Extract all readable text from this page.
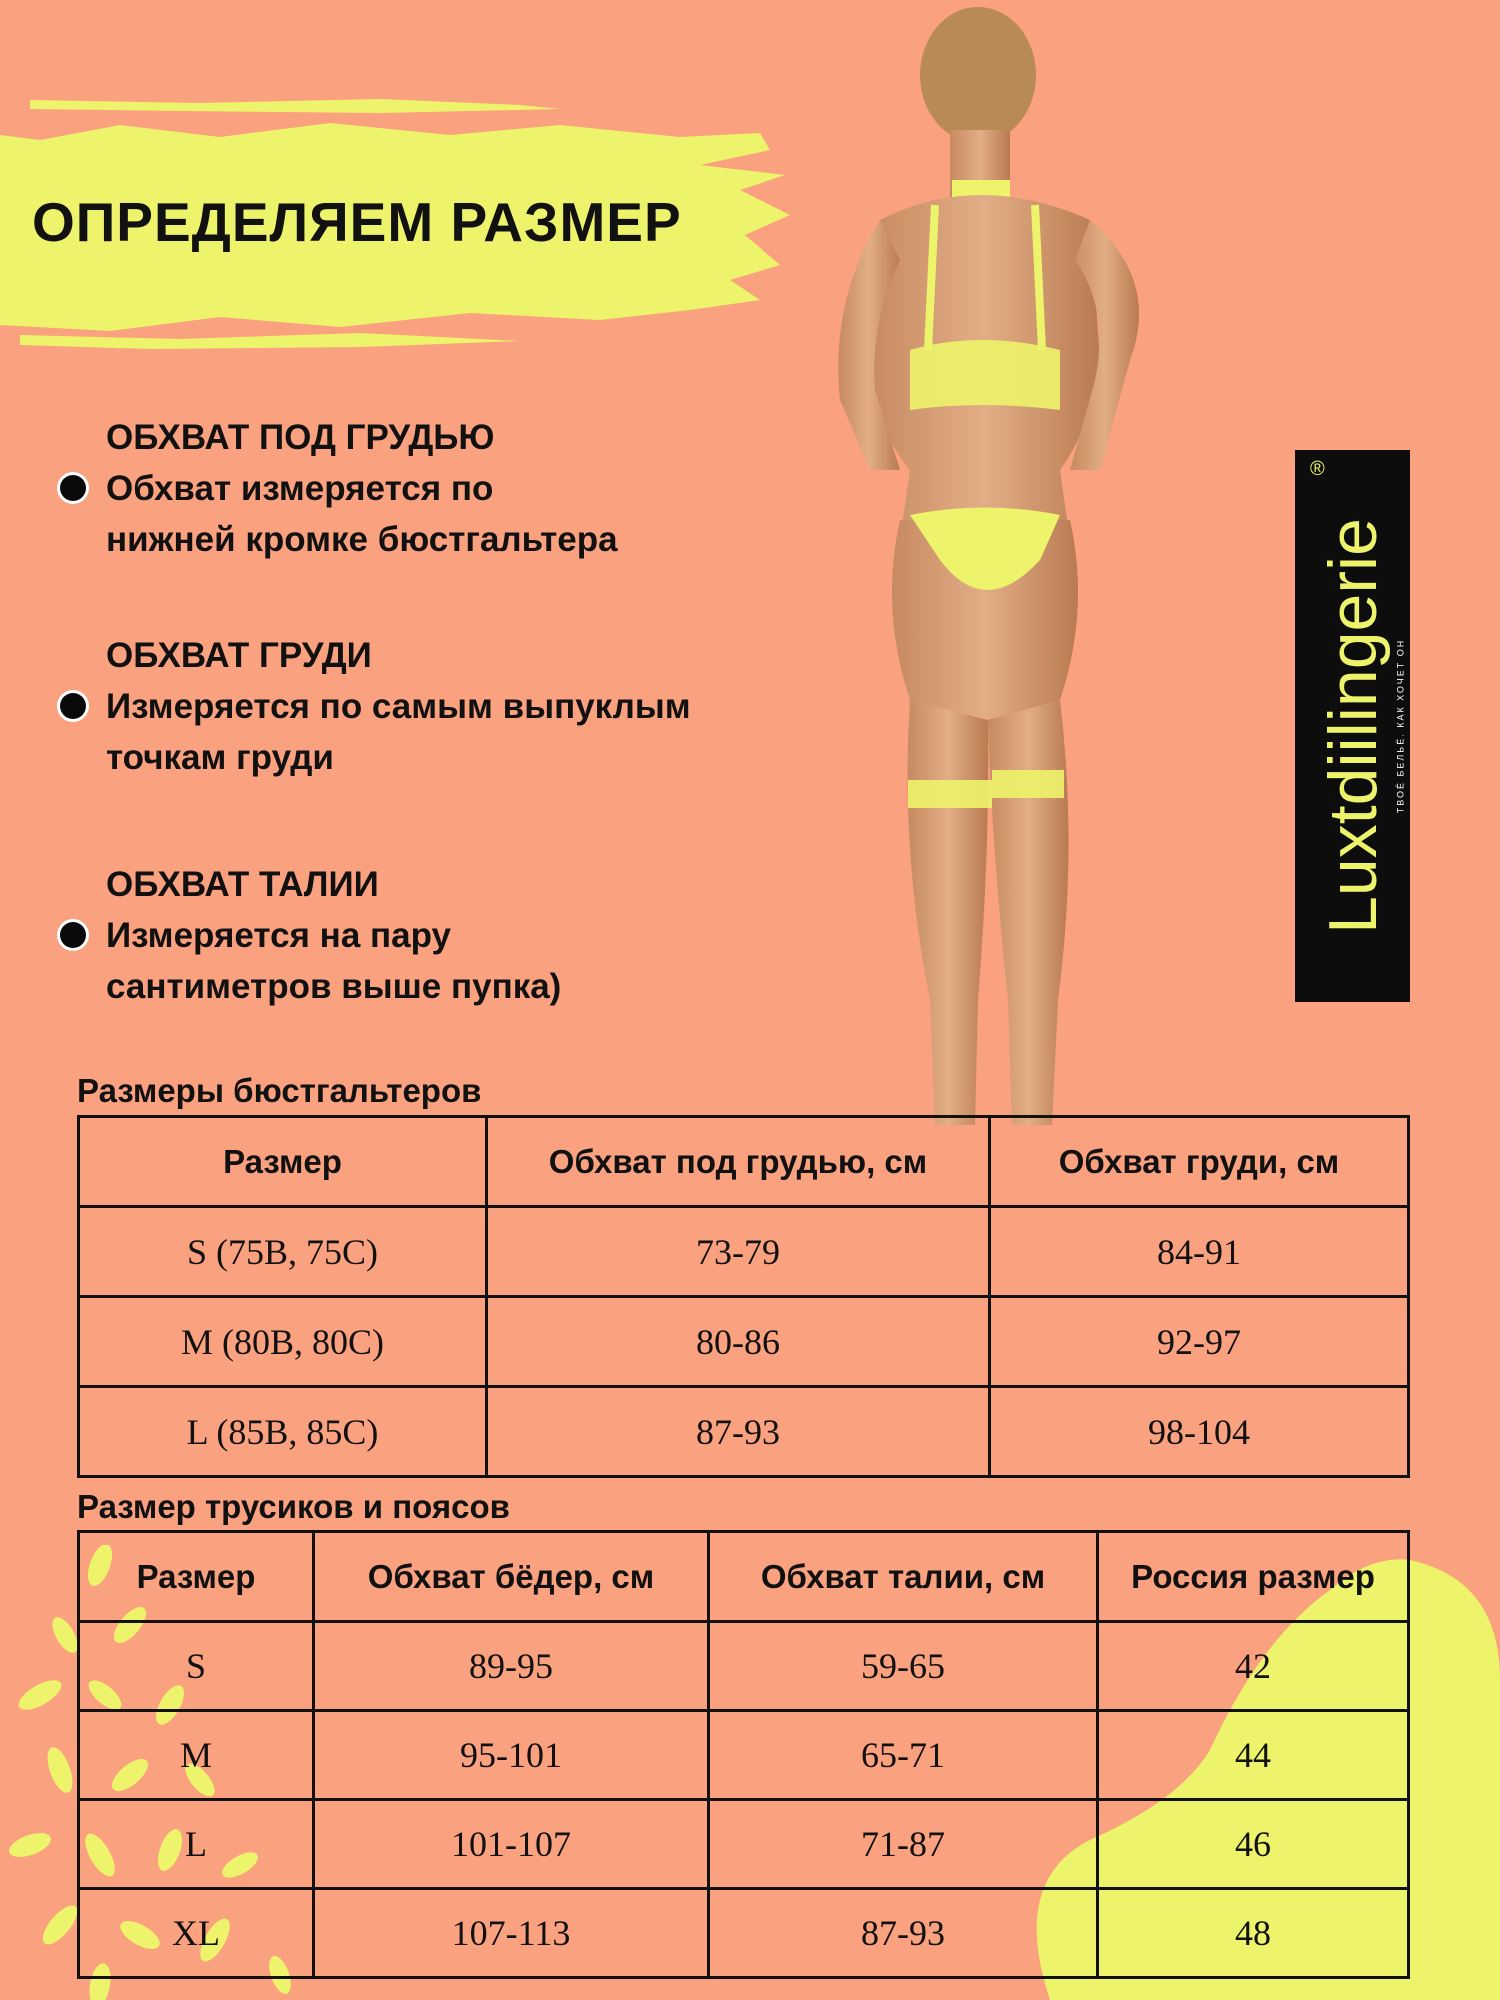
ОПРЕДЕЛЯЕМ РАЗМЕР
ОБХВАТ ПОД ГРУДЬЮ
Обхват измеряется по
нижней кромке бюстгальтера
ОБХВАТ ГРУДИ
Измеряется по самым выпуклым
точкам груди
ОБХВАТ ТАЛИИ
Измеряется на пару
сантиметров выше пупка)
®
Luxtdiilingerie ТВОЁ БЕЛЬЁ. КАК ХОЧЕТ ОН
Размеры бюстгальтеров
Размер	Обхват под грудью, см	Обхват груди, см
S (75B, 75C)	73-79	84-91
M (80B, 80C)	80-86	92-97
L (85B, 85C)	87-93	98-104
Размер трусиков и поясов
Размер	Обхват бёдер, см	Обхват талии, см	Россия размер
S	89-95	59-65	42
M	95-101	65-71	44
L	101-107	71-87	46
XL	107-113	87-93	48
